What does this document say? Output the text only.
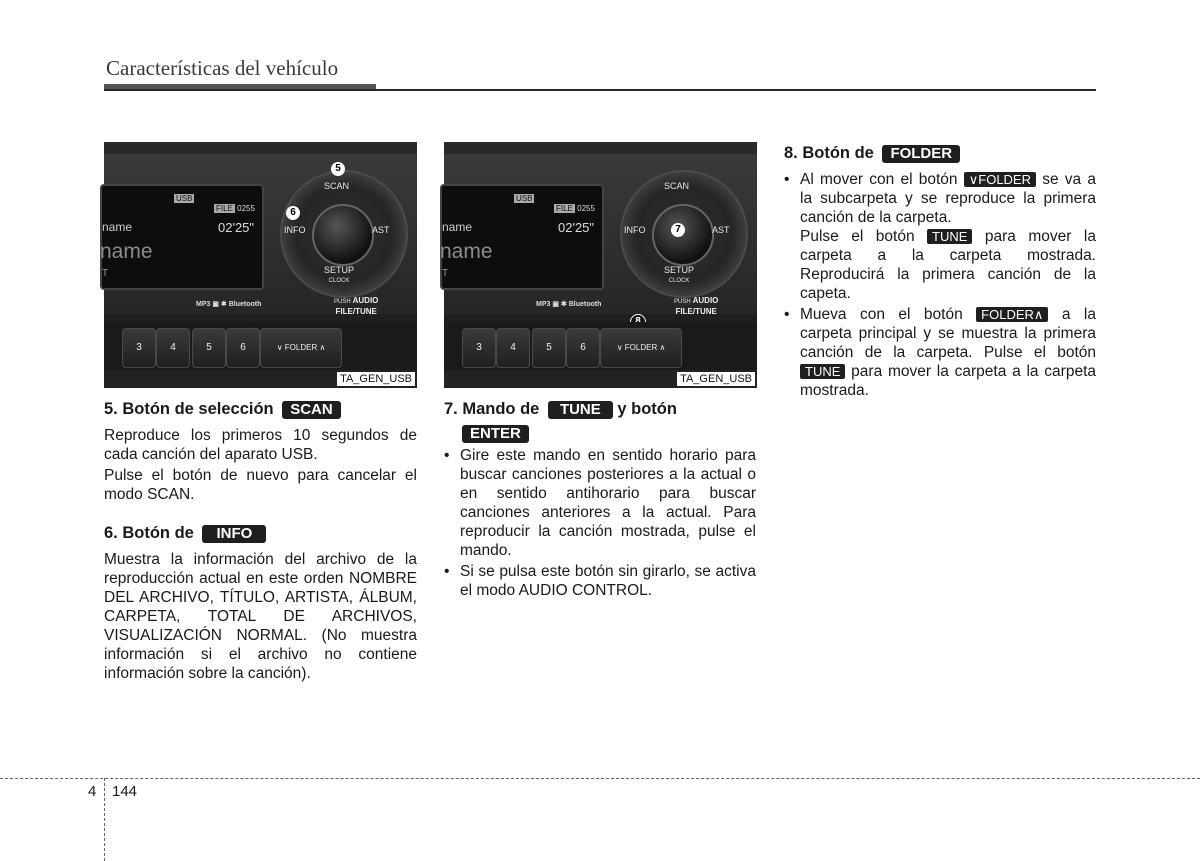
Características del vehículo
USB
FILE 0255
name	02'25"
name
T
SCAN
INFO	AST
SETUP
CLOCK
5
6
MP3 ▣ ✱ Bluetooth	PUSH AUDIO
FILE/TUNE
3	4	5	6	∨ FOLDER ∧
TA_GEN_USB
USB
FILE 0255
name	02'25"
name
T
SCAN
INFO	AST
SETUP
CLOCK
7
MP3 ▣ ✱ Bluetooth	PUSH AUDIO
FILE/TUNE
3	4	5	6	∨ FOLDER ∧
TA_GEN_USB
5. Botón de selección SCAN

Reproduce los primeros 10 segundos de cada canción del aparato USB.

Pulse el botón de nuevo para cancelar el modo SCAN.

6. Botón de INFO

Muestra la información del archivo de la reproducción actual en este orden NOMBRE DEL ARCHIVO, TÍTULO, ARTISTA, ÁLBUM, CARPETA, TOTAL DE ARCHIVOS, VISUALIZACIÓN NORMAL. (No muestra información si el archivo no contiene información sobre la canción).

7. Mando de TUNE y botón
ENTER
• Gire este mando en sentido horario para buscar canciones posteriores a la actual o en sentido antihorario para buscar canciones anteriores a la actual. Para reproducir la canción mostrada, pulse el mando.
• Si se pulsa este botón sin girarlo, se activa el modo AUDIO CONTROL.
8. Botón de FOLDER
• Al mover con el botón ∨FOLDER se va a la subcarpeta y se reproduce la primera canción de la carpeta.
Pulse el botón TUNE para mover la carpeta a la carpeta mostrada. Reproducirá la primera canción de la capeta.
• Mueva con el botón FOLDER∧ a la carpeta principal y se muestra la primera canción de la carpeta. Pulse el botón TUNE para mover la carpeta a la carpeta mostrada.
4 144
